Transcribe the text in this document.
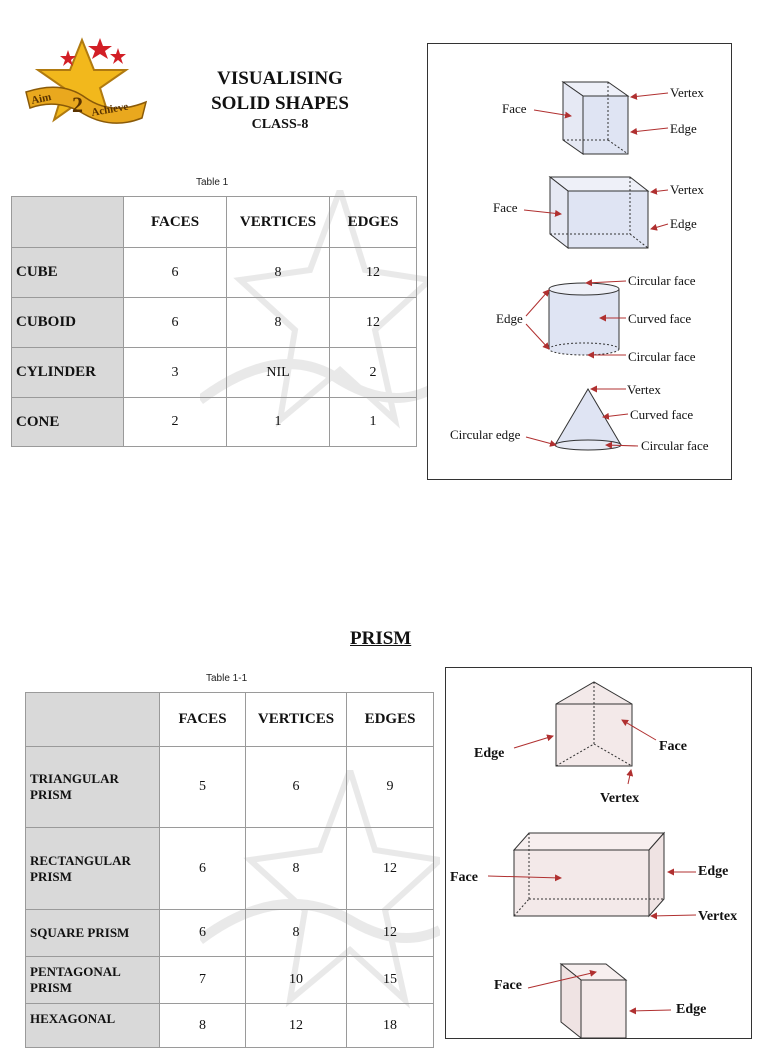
Aim 2 Achieve
VISUALISING
SOLID SHAPES
CLASS-8
Table 1
	FACES	VERTICES	EDGES
CUBE	6	8	12
CUBOID	6	8	12
CYLINDER	3	NIL	2
CONE	2	1	1
Face
Vertex
Edge
Face
Vertex
Edge
Circular face
Curved face
Circular face
Edge
Vertex
Curved face
Circular edge
Circular face
PRISM
Table 1-1
	FACES	VERTICES	EDGES
TRIANGULAR
PRISM	5	6	9
RECTANGULAR
PRISM	6	8	12
SQUARE PRISM	6	8	12
PENTAGONAL
PRISM	7	10	15
HEXAGONAL	8	12	18
Edge	Face
Vertex
Face	Edge
Vertex
Face
Edge
